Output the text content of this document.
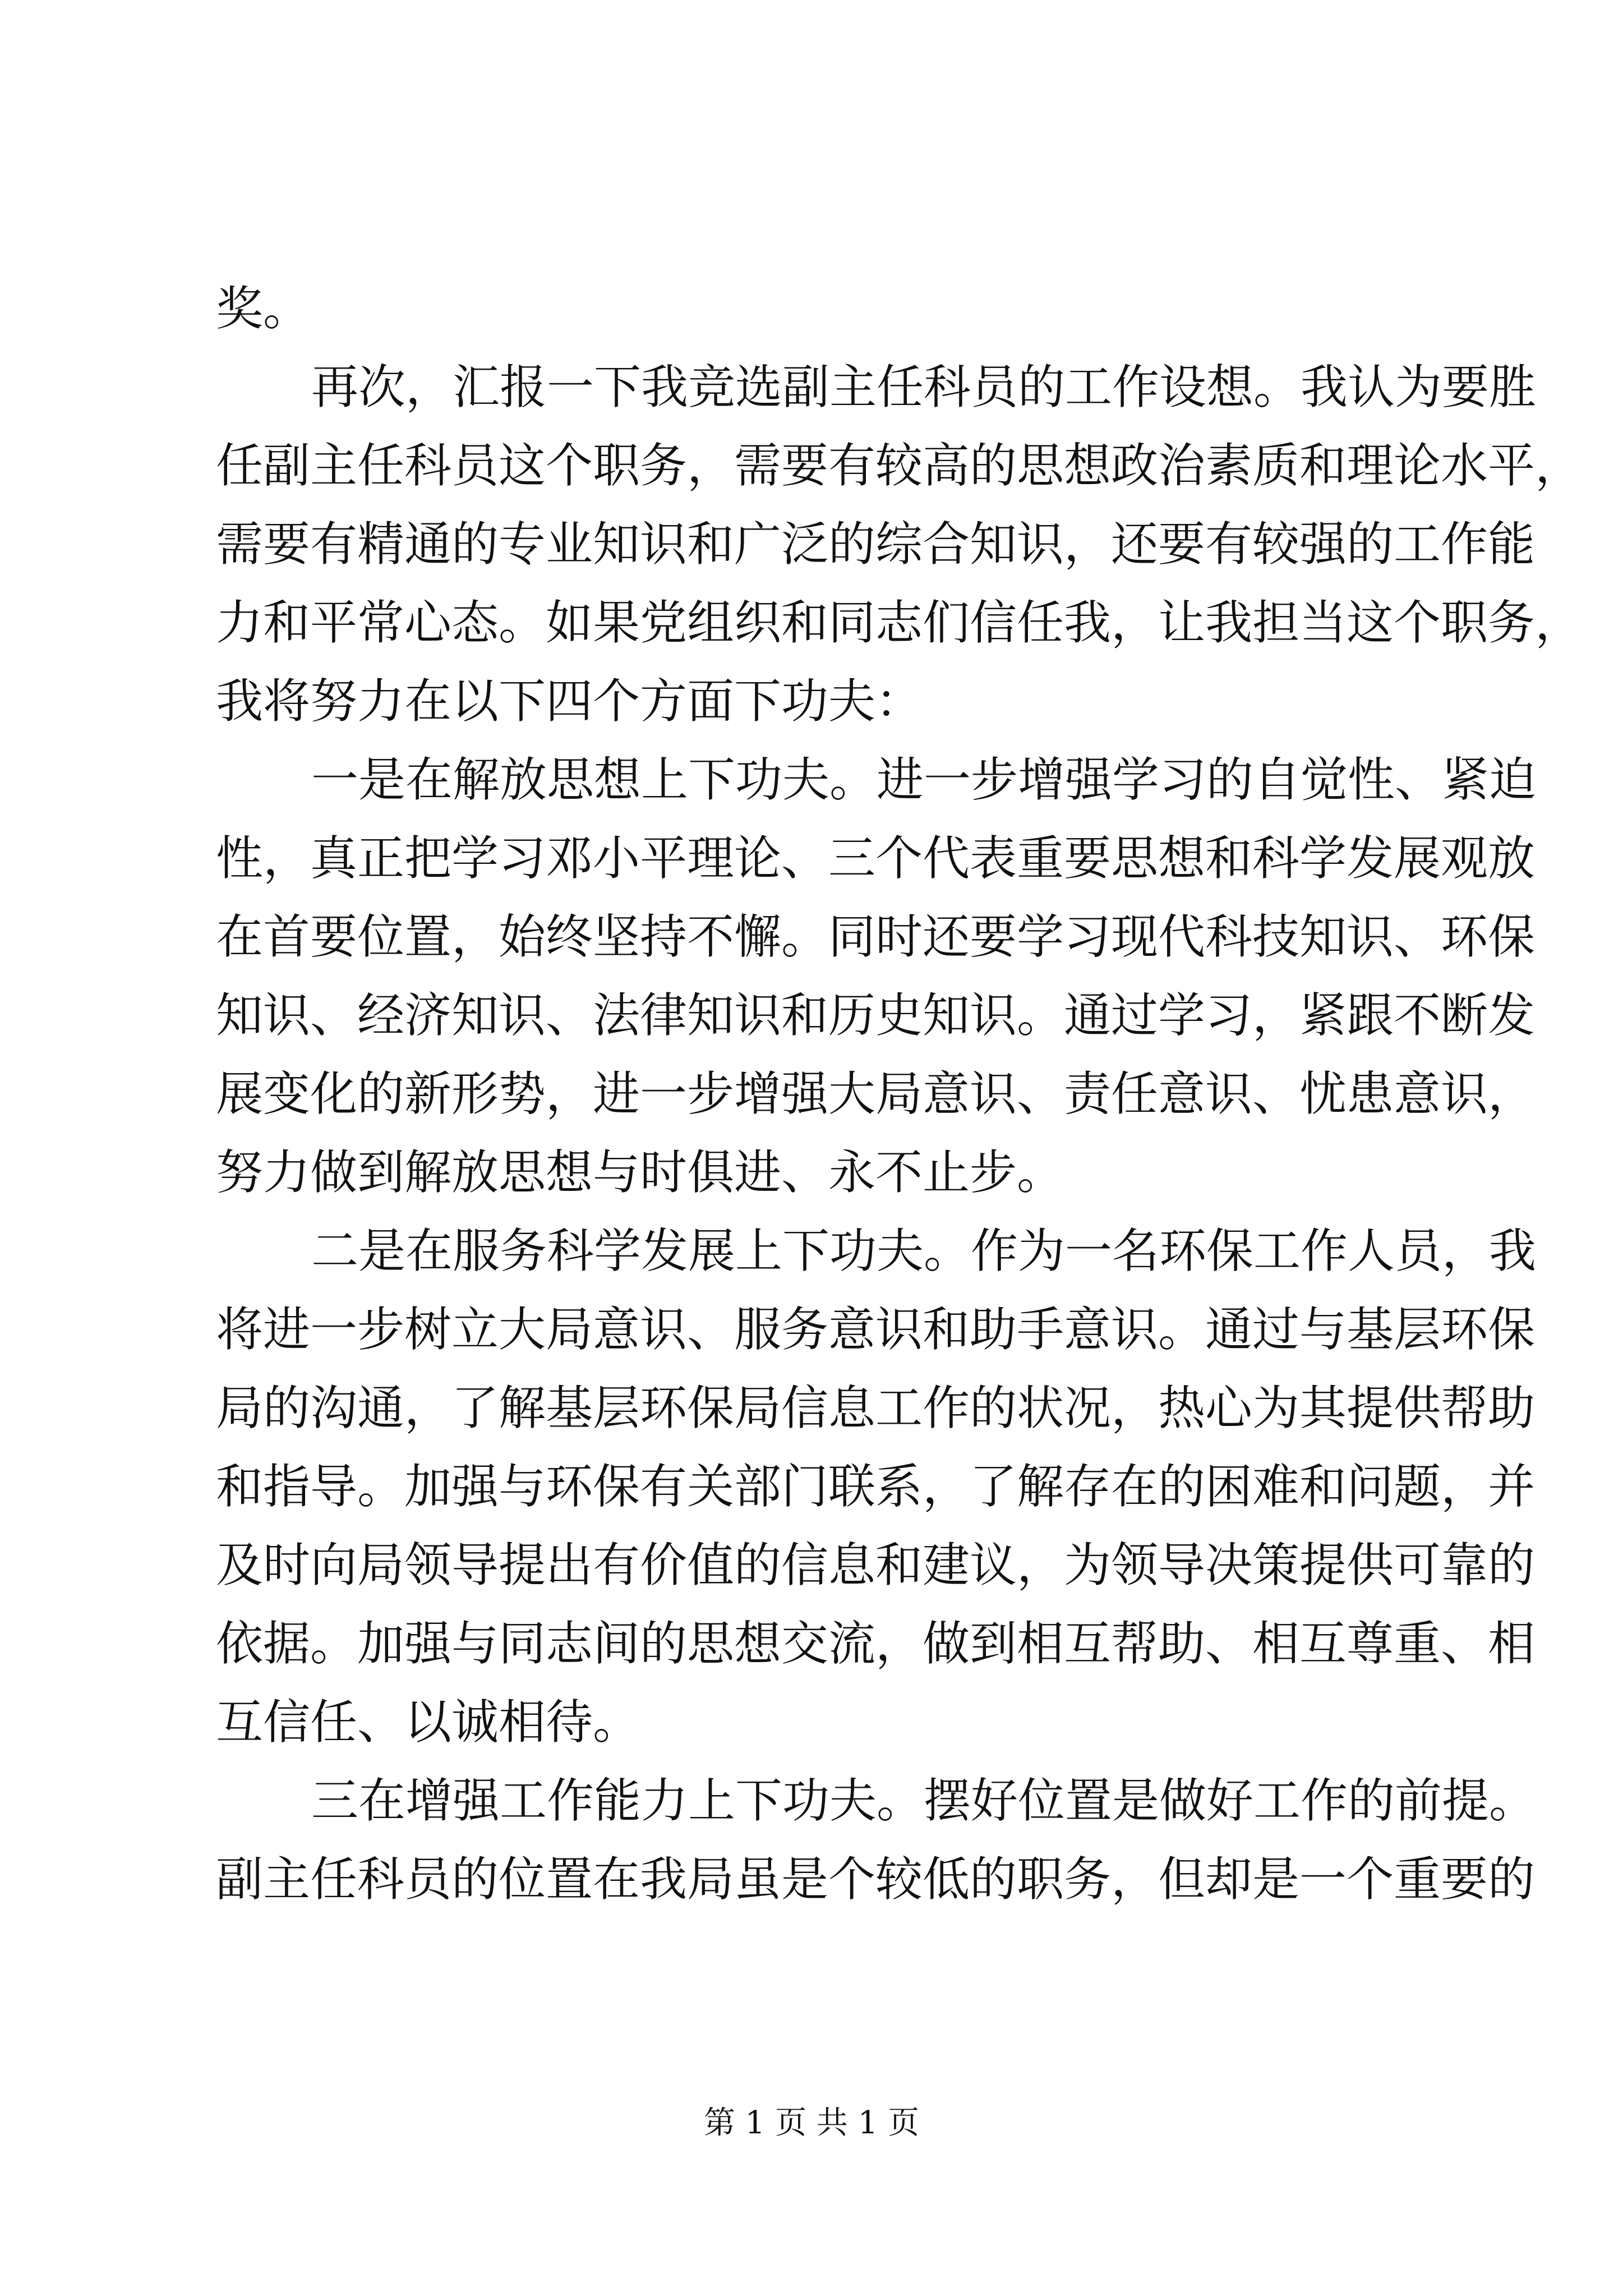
奖。
再次，汇报一下我竞选副主任科员的工作设想。我认为要胜
任副主任科员这个职务，需要有较高的思想政治素质和理论水平，
需要有精通的专业知识和广泛的综合知识，还要有较强的工作能
力和平常心态。如果党组织和同志们信任我，让我担当这个职务，
我将努力在以下四个方面下功夫：
一是在解放思想上下功夫。进一步增强学习的自觉性、紧迫
性，真正把学习邓小平理论、三个代表重要思想和科学发展观放
在首要位置，始终坚持不懈。同时还要学习现代科技知识、环保
知识、经济知识、法律知识和历史知识。通过学习，紧跟不断发
展变化的新形势，进一步增强大局意识、责任意识、忧患意识，
努力做到解放思想与时俱进、永不止步。
二是在服务科学发展上下功夫。作为一名环保工作人员，我
将进一步树立大局意识、服务意识和助手意识。通过与基层环保
局的沟通，了解基层环保局信息工作的状况，热心为其提供帮助
和指导。加强与环保有关部门联系，了解存在的困难和问题，并
及时向局领导提出有价值的信息和建议，为领导决策提供可靠的
依据。加强与同志间的思想交流，做到相互帮助、相互尊重、相
互信任、以诚相待。
三在增强工作能力上下功夫。摆好位置是做好工作的前提。
副主任科员的位置在我局虽是个较低的职务，但却是一个重要的
第 1 页 共 1 页
